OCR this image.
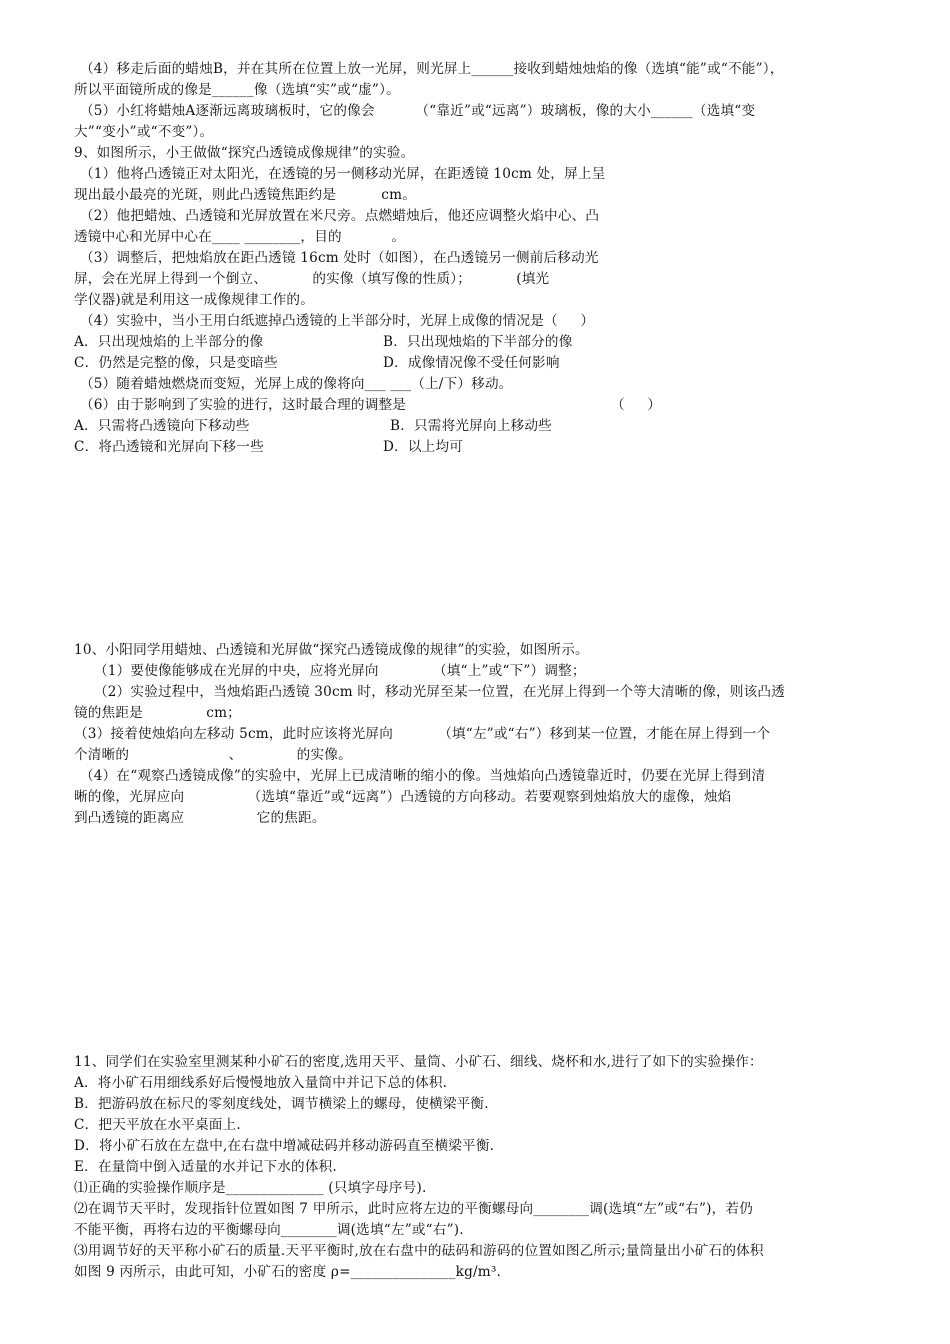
（4）移走后面的蜡烛B，并在其所在位置上放一光屏，则光屏上______接收到蜡烛烛焰的像（选填“能”或“不能”），
所以平面镜所成的像是______像（选填“实”或“虚”）。
（5）小红将蜡烛A逐渐远离玻璃板时，它的像会         （“靠近”或“远离”）玻璃板，像的大小______（选填“变
大”“变小”或“不变”）。
9、如图所示，小王做做“探究凸透镜成像规律”的实验。
（1）他将凸透镜正对太阳光，在透镜的另一侧移动光屏，在距透镜 10cm 处，屏上呈
现出最小最亮的光斑，则此凸透镜焦距约是          cm。
（2）他把蜡烛、凸透镜和光屏放置在米尺旁。点燃蜡烛后，他还应调整火焰中心、凸
透镜中心和光屏中心在____ ________，目的           。
（3）调整后，把烛焰放在距凸透镜 16cm 处时（如图），在凸透镜另一侧前后移动光
屏，会在光屏上得到一个倒立、          的实像（填写像的性质）；          (填光
学仪器)就是利用这一成像规律工作的。
（4）实验中，当小王用白纸遮掉凸透镜的上半部分时，光屏上成像的情况是（     ）
A．只出现烛焰的上半部分的像	B．只出现烛焰的下半部分的像
C．仍然是完整的像，只是变暗些	D．成像情况像不受任何影响
（5）随着蜡烛燃烧而变短，光屏上成的像将向___ ___（上/下）移动。
（6）由于影响到了实验的进行，这时最合理的调整是	（     ）
A．只需将凸透镜向下移动些	B．只需将光屏向上移动些
C．将凸透镜和光屏向下移一些	D．以上均可
10、小阳同学用蜡烛、凸透镜和光屏做“探究凸透镜成像的规律”的实验，如图所示。
（1）要使像能够成在光屏的中央，应将光屏向            （填“上”或“下”）调整；
（2）实验过程中，当烛焰距凸透镜 30cm 时，移动光屏至某一位置，在光屏上得到一个等大清晰的像，则该凸透
镜的焦距是              cm；
（3）接着使烛焰向左移动 5cm，此时应该将光屏向          （填“左”或“右”）移到某一位置，才能在屏上得到一个
个清晰的                      、            的实像。
（4）在“观察凸透镜成像”的实验中，光屏上已成清晰的缩小的像。当烛焰向凸透镜靠近时，仍要在光屏上得到清
晰的像，光屏应向              （选填“靠近”或“远离”）凸透镜的方向移动。若要观察到烛焰放大的虚像，烛焰
到凸透镜的距离应                它的焦距。
11、同学们在实验室里测某种小矿石的密度,选用天平、量筒、小矿石、细线、烧杯和水,进行了如下的实验操作：
A．将小矿石用细线系好后慢慢地放入量筒中并记下总的体积.
B．把游码放在标尺的零刻度线处，调节横梁上的螺母，使横梁平衡.
C．把天平放在水平桌面上.
D．将小矿石放在左盘中,在右盘中增减砝码并移动游码直至横梁平衡.
E．在量筒中倒入适量的水并记下水的体积.
⑴正确的实验操作顺序是______________ (只填字母序号).
⑵在调节天平时，发现指针位置如图 7 甲所示，此时应将左边的平衡螺母向________调(选填“左”或“右”)，若仍
不能平衡，再将右边的平衡螺母向________调(选填“左”或“右”).
⑶用调节好的天平称小矿石的质量.天平平衡时,放在右盘中的砝码和游码的位置如图乙所示;量筒量出小矿石的体积
如图 9 丙所示，由此可知，小矿石的密度 ρ=_______________kg/m³.
